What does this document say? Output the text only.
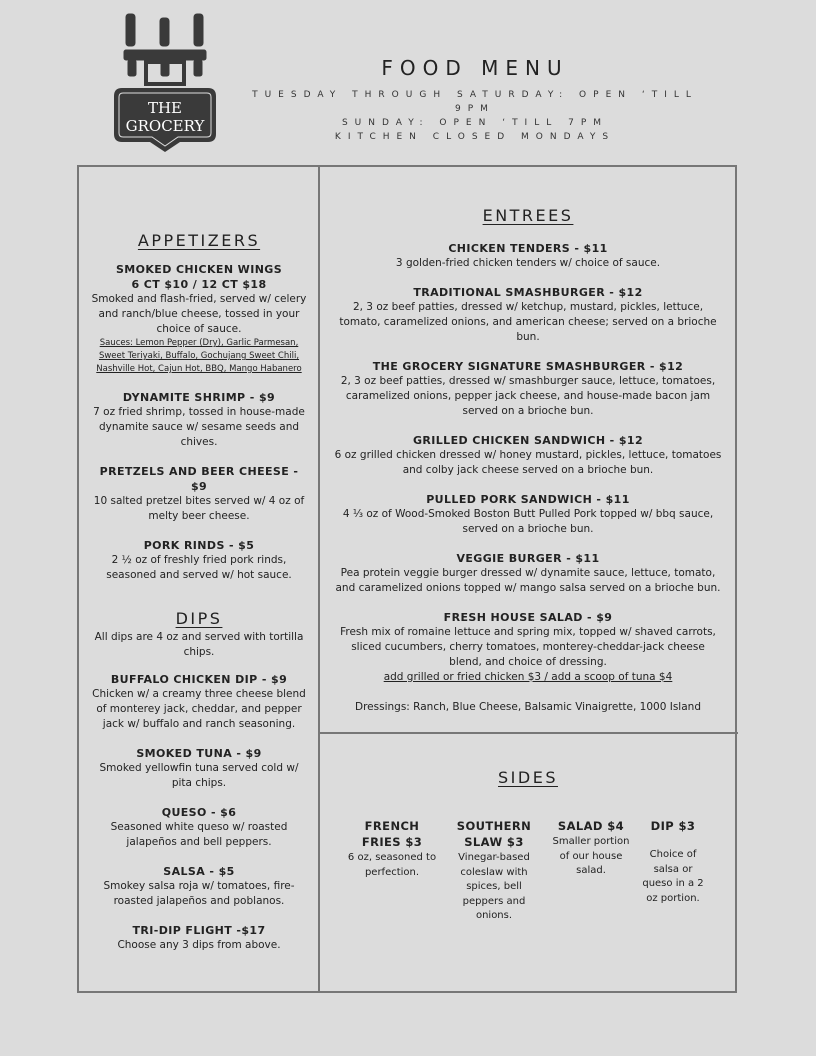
THE
GROCERY
FOOD MENU
TUESDAY THROUGH SATURDAY: OPEN ‘TILL 9PM
SUNDAY: OPEN ‘TILL 7PM
KITCHEN CLOSED MONDAYS
APPETIZERS
SMOKED CHICKEN WINGS
6 CT $10 / 12 CT $18
Smoked and flash-fried, served w/ celery and ranch/blue cheese, tossed in your choice of sauce.
Sauces: Lemon Pepper (Dry), Garlic Parmesan, Sweet Teriyaki, Buffalo, Gochujang Sweet Chili, Nashville Hot, Cajun Hot, BBQ, Mango Habanero
DYNAMITE SHRIMP - $9
7 oz fried shrimp, tossed in house-made dynamite sauce w/ sesame seeds and chives.
PRETZELS AND BEER CHEESE - $9
10 salted pretzel bites served w/ 4 oz of melty beer cheese.
PORK RINDS - $5
2 ½ oz of freshly fried pork rinds, seasoned and served w/ hot sauce.
DIPS
All dips are 4 oz and served with tortilla chips.
BUFFALO CHICKEN DIP - $9
Chicken w/ a creamy three cheese blend of monterey jack, cheddar, and pepper jack w/ buffalo and ranch seasoning.
SMOKED TUNA - $9
Smoked yellowfin tuna served cold w/ pita chips.
QUESO - $6
Seasoned white queso w/ roasted jalapeños and bell peppers.
SALSA - $5
Smokey salsa roja w/ tomatoes, fire-roasted jalapeños and poblanos.
TRI-DIP FLIGHT -$17
Choose any 3 dips from above.
ENTREES
CHICKEN TENDERS - $11
3 golden-fried chicken tenders w/ choice of sauce.
TRADITIONAL SMASHBURGER - $12
2, 3 oz beef patties, dressed w/ ketchup, mustard, pickles, lettuce, tomato, caramelized onions, and american cheese; served on a brioche bun.
THE GROCERY SIGNATURE SMASHBURGER - $12
2, 3 oz beef patties, dressed w/ smashburger sauce, lettuce, tomatoes, caramelized onions, pepper jack cheese, and house-made bacon jam served on a brioche bun.
GRILLED CHICKEN SANDWICH - $12
6 oz grilled chicken dressed w/ honey mustard, pickles, lettuce, tomatoes and colby jack cheese served on a brioche bun.
PULLED PORK SANDWICH - $11
4 ⅓ oz of Wood-Smoked Boston Butt Pulled Pork topped w/ bbq sauce, served on a brioche bun.
VEGGIE BURGER - $11
Pea protein veggie burger dressed w/ dynamite sauce, lettuce, tomato, and caramelized onions topped w/ mango salsa served on a brioche bun.
FRESH HOUSE SALAD - $9
Fresh mix of romaine lettuce and spring mix, topped w/ shaved carrots, sliced cucumbers, cherry tomatoes, monterey-cheddar-jack cheese blend, and choice of dressing.
add grilled or fried chicken $3 / add a scoop of tuna $4
Dressings: Ranch, Blue Cheese, Balsamic Vinaigrette, 1000 Island
SIDES
FRENCH FRIES $3
6 oz, seasoned to perfection.
SOUTHERN SLAW $3
Vinegar-based coleslaw with spices, bell peppers and onions.
SALAD $4
Smaller portion of our house salad.
DIP $3
Choice of salsa or queso in a 2 oz portion.
